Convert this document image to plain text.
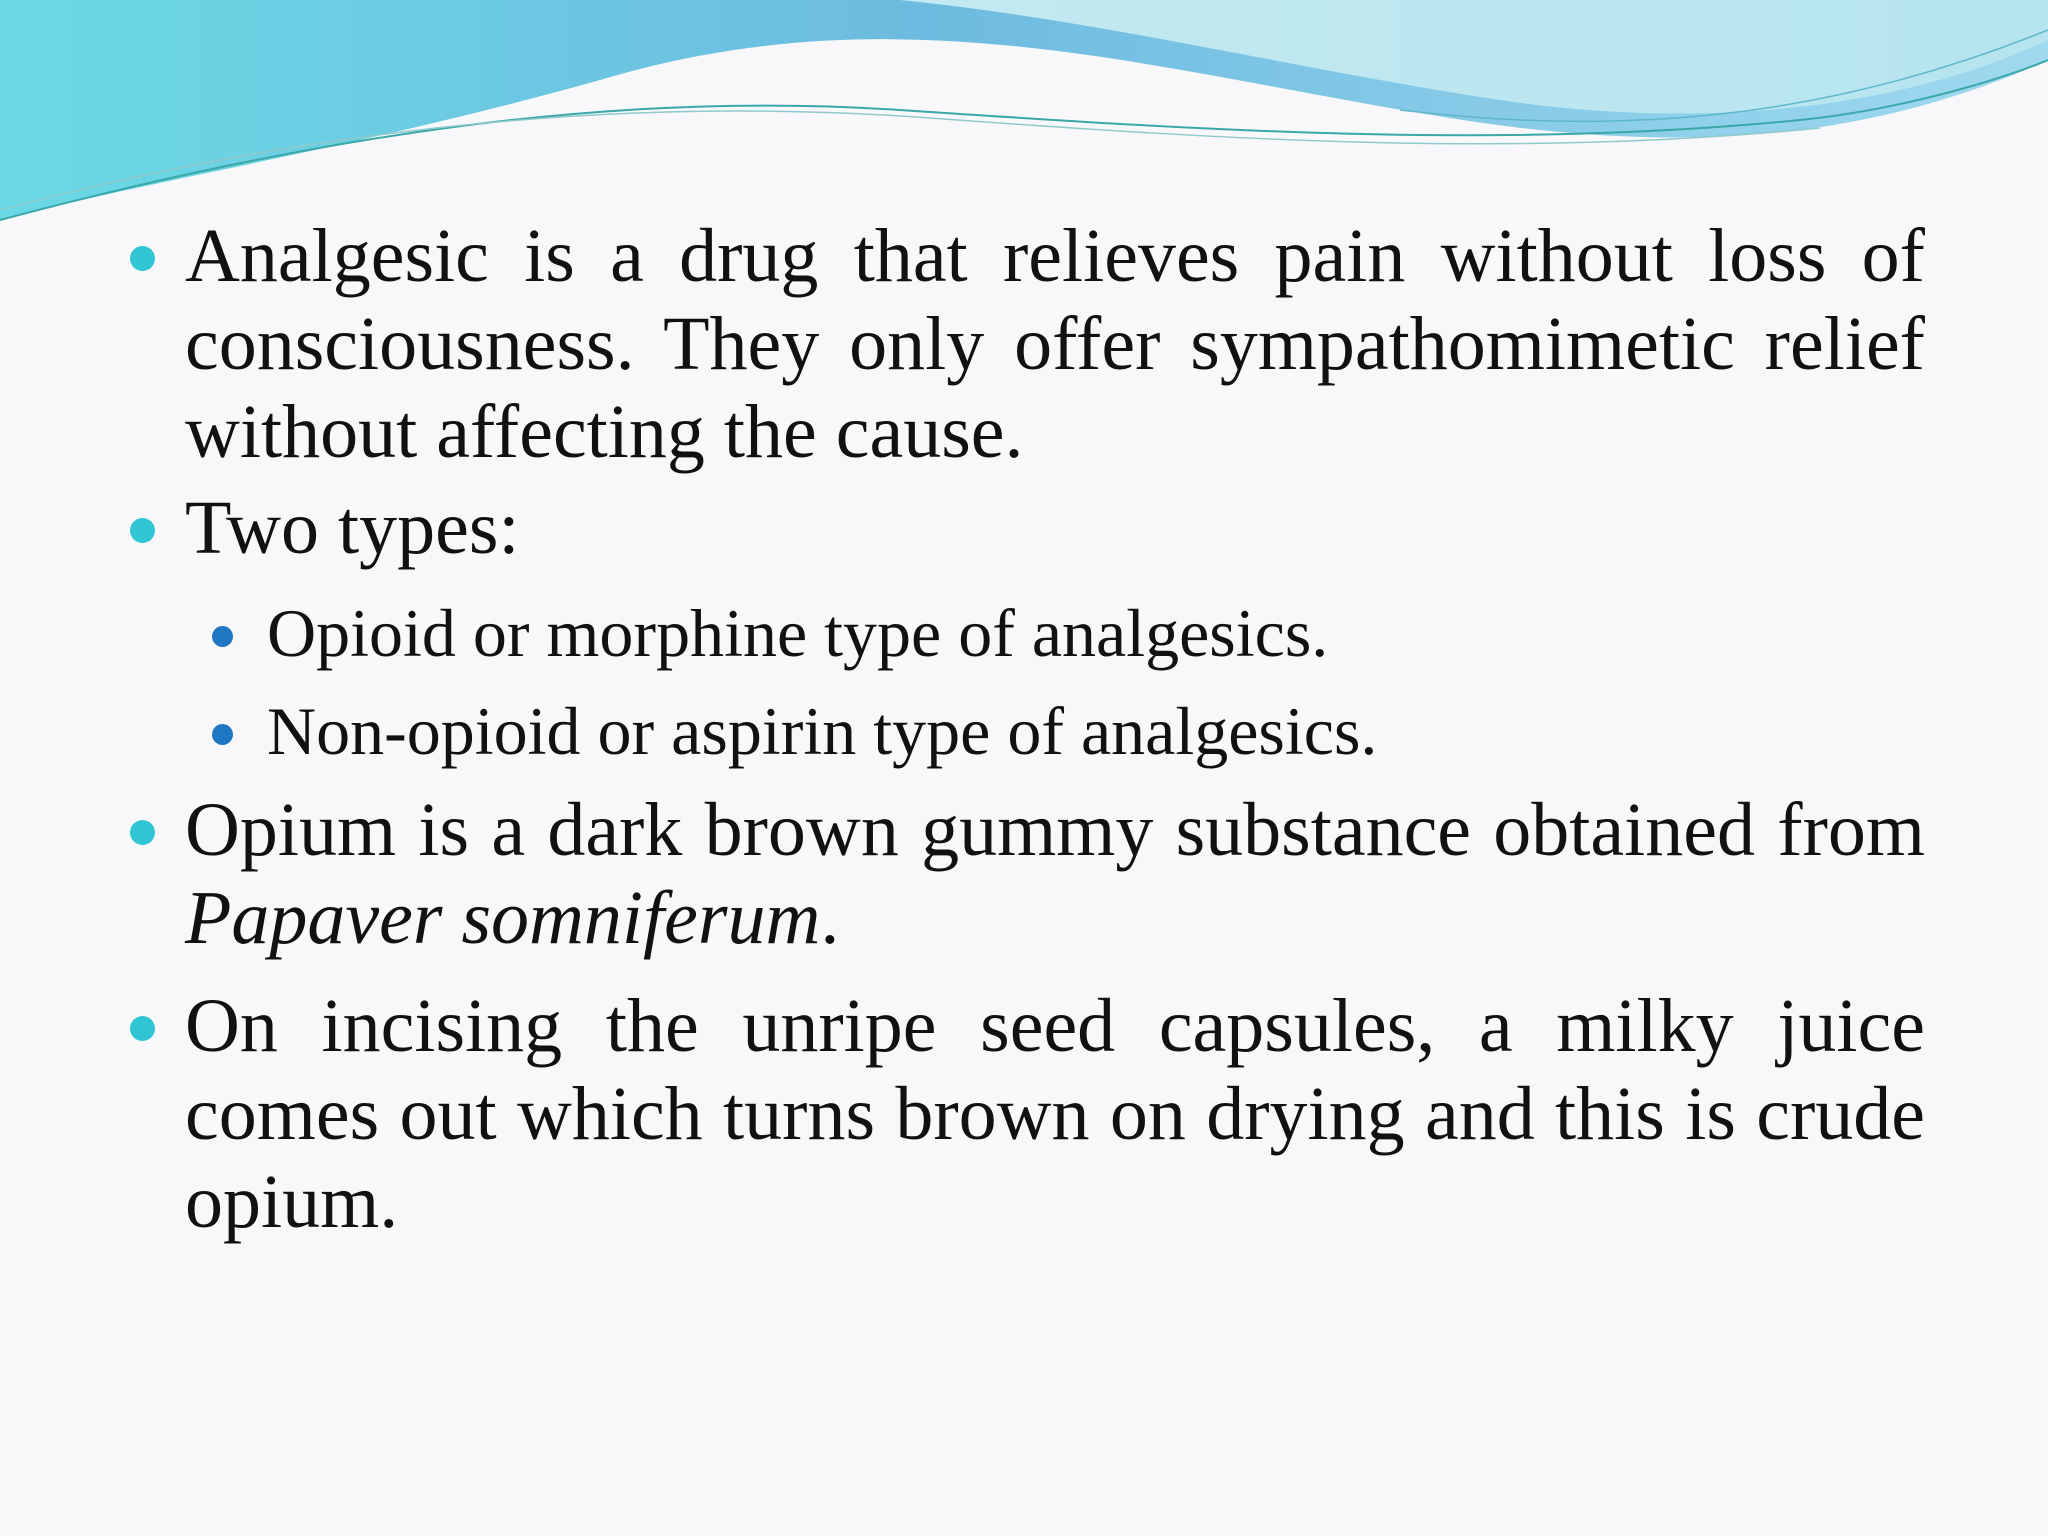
Analgesic is a drug that relieves pain without loss of consciousness. They only offer sympathomimetic relief without affecting the cause.
Two types:
Opioid or morphine type of analgesics.
Non-opioid or aspirin type of analgesics.
Opium is a dark brown gummy substance obtained from Papaver somniferum.
On incising the unripe seed capsules, a milky juice comes out which turns brown on drying and this is crude opium.
